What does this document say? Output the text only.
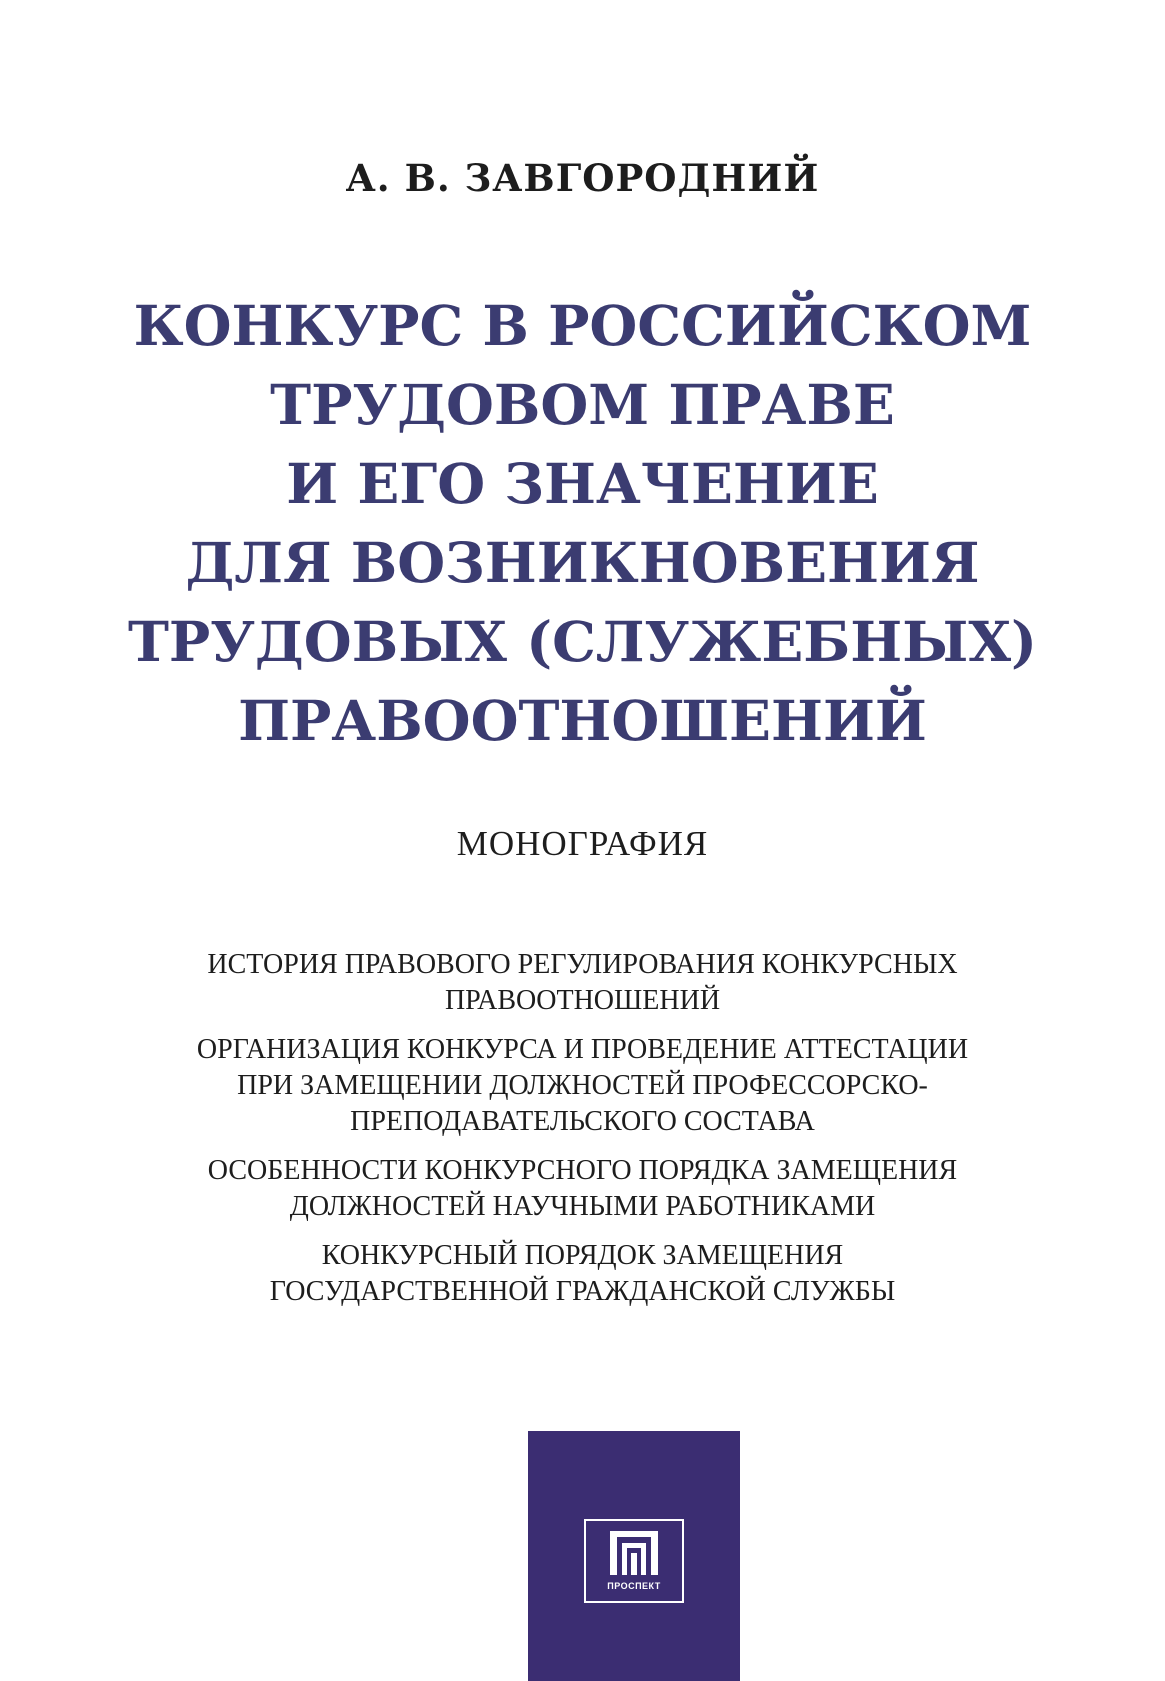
А. В. ЗАВГОРОДНИЙ
КОНКУРС В РОССИЙСКОМ
ТРУДОВОМ ПРАВЕ
И ЕГО ЗНАЧЕНИЕ
ДЛЯ ВОЗНИКНОВЕНИЯ
ТРУДОВЫХ (СЛУЖЕБНЫХ)
ПРАВООТНОШЕНИЙ
МОНОГРАФИЯ
ИСТОРИЯ ПРАВОВОГО РЕГУЛИРОВАНИЯ КОНКУРСНЫХ
ПРАВООТНОШЕНИЙ
ОРГАНИЗАЦИЯ КОНКУРСА И ПРОВЕДЕНИЕ АТТЕСТАЦИИ
ПРИ ЗАМЕЩЕНИИ ДОЛЖНОСТЕЙ ПРОФЕССОРСКО-
ПРЕПОДАВАТЕЛЬСКОГО СОСТАВА
ОСОБЕННОСТИ КОНКУРСНОГО ПОРЯДКА ЗАМЕЩЕНИЯ
ДОЛЖНОСТЕЙ НАУЧНЫМИ РАБОТНИКАМИ
КОНКУРСНЫЙ ПОРЯДОК ЗАМЕЩЕНИЯ
ГОСУДАРСТВЕННОЙ ГРАЖДАНСКОЙ СЛУЖБЫ
ПРОСПЕКТ
